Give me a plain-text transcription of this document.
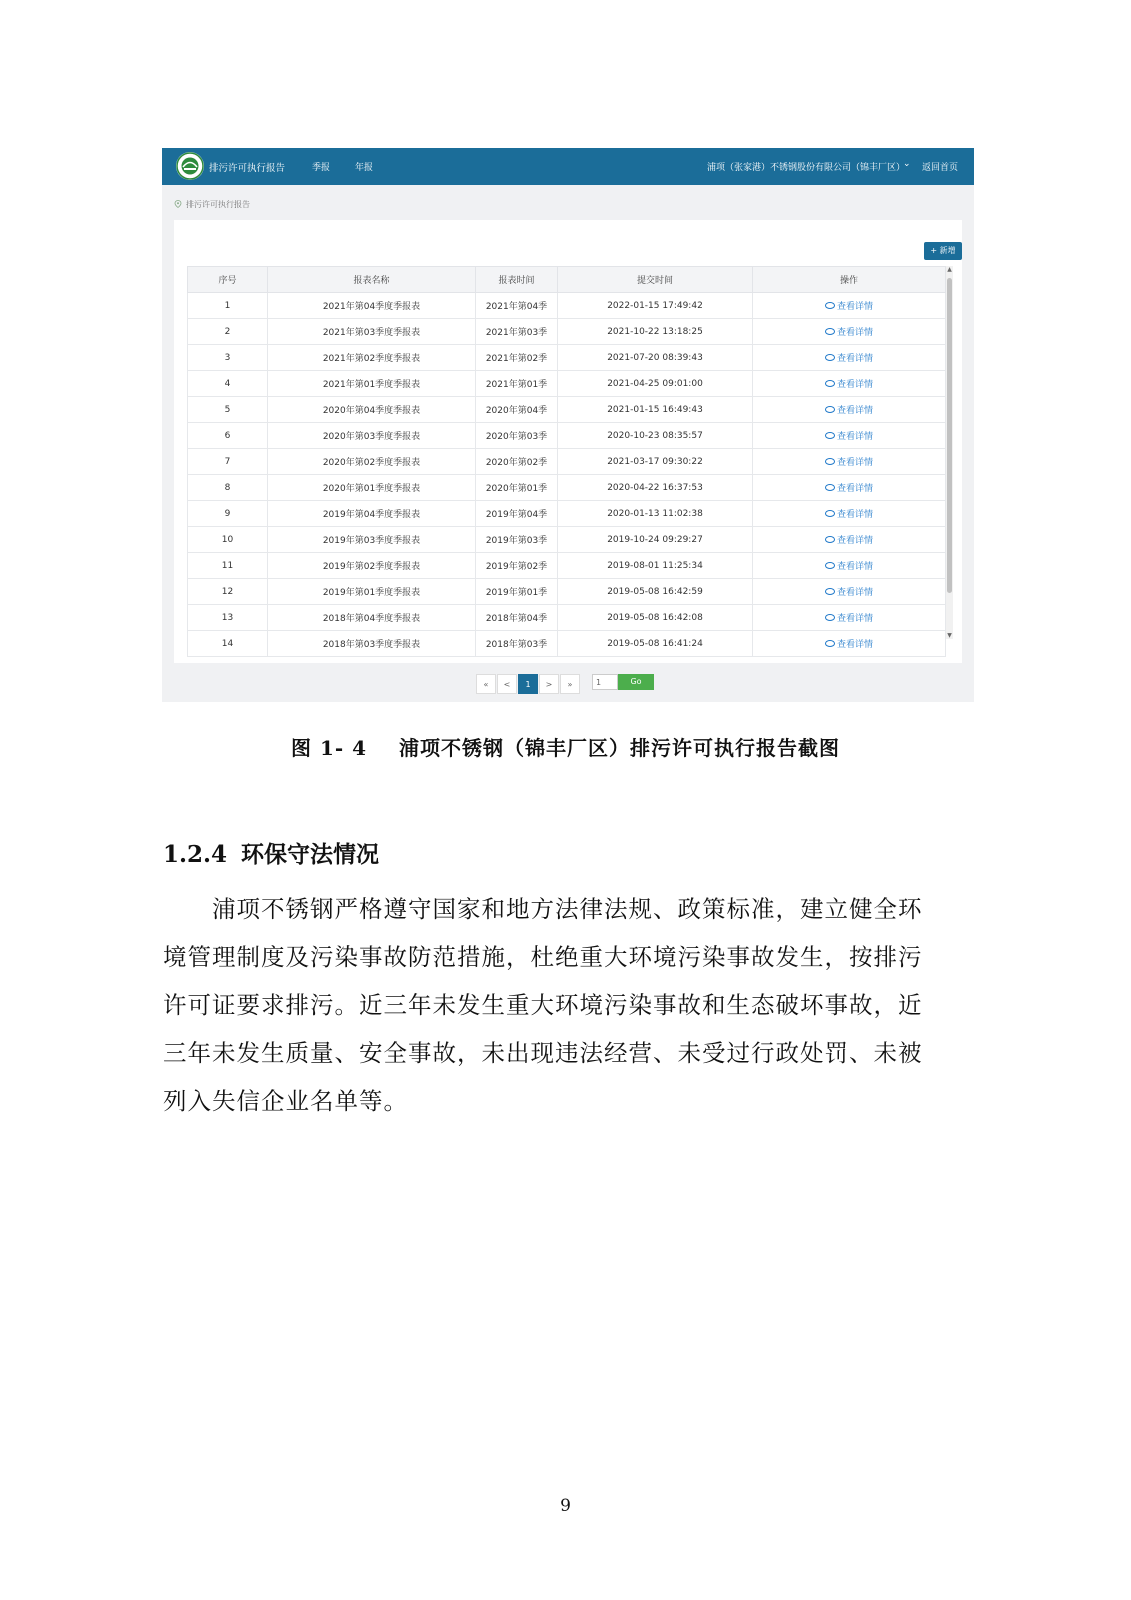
排污许可执行报告	季报	年报	浦项（张家港）不锈钢股份有限公司（锦丰厂区）
⌄ 返回首页
排污许可执行报告
+ 新增
序号	报表名称	报表时间	提交时间	操作
1	2021年第04季度季报表	2021年第04季	2022-01-15 17:49:42	查看详情
2	2021年第03季度季报表	2021年第03季	2021-10-22 13:18:25	查看详情
3	2021年第02季度季报表	2021年第02季	2021-07-20 08:39:43	查看详情
4	2021年第01季度季报表	2021年第01季	2021-04-25 09:01:00	查看详情
5	2020年第04季度季报表	2020年第04季	2021-01-15 16:49:43	查看详情
6	2020年第03季度季报表	2020年第03季	2020-10-23 08:35:57	查看详情
7	2020年第02季度季报表	2020年第02季	2021-03-17 09:30:22	查看详情
8	2020年第01季度季报表	2020年第01季	2020-04-22 16:37:53	查看详情
9	2019年第04季度季报表	2019年第04季	2020-01-13 11:02:38	查看详情
10	2019年第03季度季报表	2019年第03季	2019-10-24 09:29:27	查看详情
11	2019年第02季度季报表	2019年第02季	2019-08-01 11:25:34	查看详情
12	2019年第01季度季报表	2019年第01季	2019-05-08 16:42:59	查看详情
13	2018年第04季度季报表	2018年第04季	2019-05-08 16:42:08	查看详情
14	2018年第03季度季报表	2018年第03季	2019-05-08 16:41:24	查看详情
▲
▼
«	<	1	>	»	1	Go
图 1- 4    浦项不锈钢（锦丰厂区）排污许可执行报告截图
1.2.4 环保守法情况
　　浦项不锈钢严格遵守国家和地方法律法规、政策标准，建立健全环
境管理制度及污染事故防范措施，杜绝重大环境污染事故发生，按排污
许可证要求排污。近三年未发生重大环境污染事故和生态破坏事故，近
三年未发生质量、安全事故，未出现违法经营、未受过行政处罚、未被
列入失信企业名单等。
9
